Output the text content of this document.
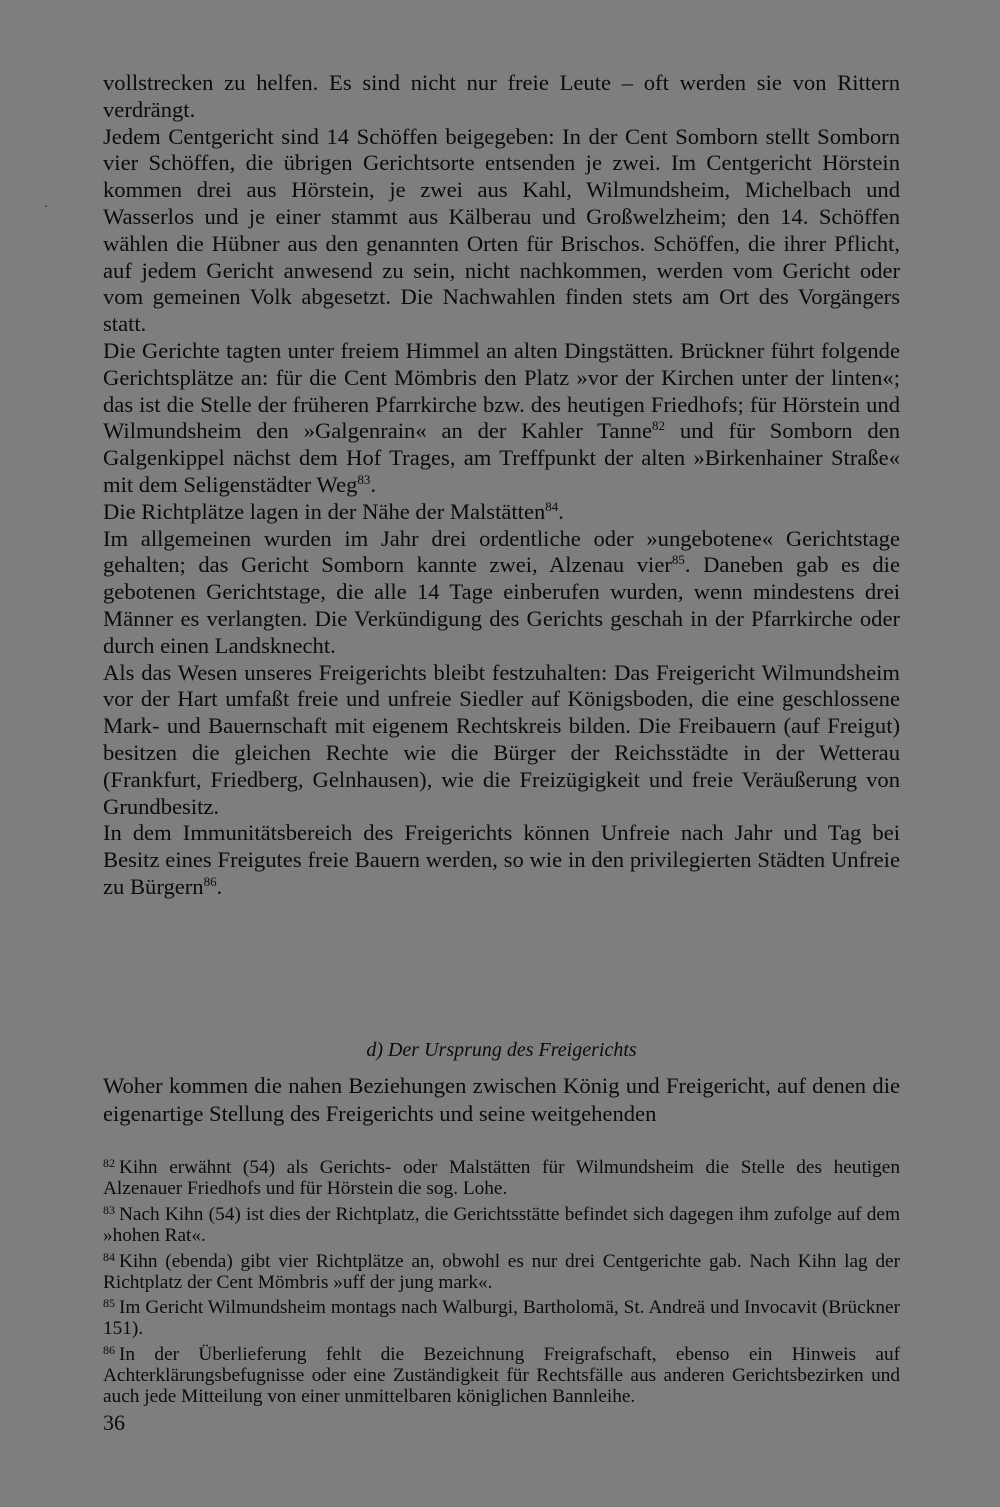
·

vollstrecken zu helfen. Es sind nicht nur freie Leute – oft werden sie von Rittern verdrängt.

Jedem Centgericht sind 14 Schöffen beigegeben: In der Cent Somborn stellt Somborn vier Schöffen, die übrigen Gerichtsorte entsenden je zwei. Im Centgericht Hörstein kommen drei aus Hörstein, je zwei aus Kahl, Wilmundsheim, Michelbach und Wasserlos und je einer stammt aus Kälberau und Großwelzheim; den 14. Schöffen wählen die Hübner aus den genannten Orten für Brischos. Schöffen, die ihrer Pflicht, auf jedem Gericht anwesend zu sein, nicht nachkommen, werden vom Gericht oder vom gemeinen Volk abgesetzt. Die Nachwahlen finden stets am Ort des Vorgängers statt.

Die Gerichte tagten unter freiem Himmel an alten Dingstätten. Brückner führt folgende Gerichtsplätze an: für die Cent Mömbris den Platz »vor der Kirchen unter der linten«; das ist die Stelle der früheren Pfarrkirche bzw. des heutigen Friedhofs; für Hörstein und Wilmundsheim den »Galgenrain« an der Kahler Tanne$^{82}$ und für Somborn den Galgenkippel nächst dem Hof Trages, am Treffpunkt der alten »Birkenhainer Straße« mit dem Seligenstädter Weg$^{83}$.

Die Richtplätze lagen in der Nähe der Malstätten$^{84}$.

Im allgemeinen wurden im Jahr drei ordentliche oder »ungebotene« Gerichtstage gehalten; das Gericht Somborn kannte zwei, Alzenau vier$^{85}$. Daneben gab es die gebotenen Gerichtstage, die alle 14 Tage einberufen wurden, wenn mindestens drei Männer es verlangten. Die Verkündigung des Gerichts geschah in der Pfarrkirche oder durch einen Landsknecht.

Als das Wesen unseres Freigerichts bleibt festzuhalten: Das Freigericht Wilmundsheim vor der Hart umfaßt freie und unfreie Siedler auf Königsboden, die eine geschlossene Mark- und Bauernschaft mit eigenem Rechtskreis bilden. Die Freibauern (auf Freigut) besitzen die gleichen Rechte wie die Bürger der Reichsstädte in der Wetterau (Frankfurt, Friedberg, Gelnhausen), wie die Freizügigkeit und freie Veräußerung von Grundbesitz.

In dem Immunitätsbereich des Freigerichts können Unfreie nach Jahr und Tag bei Besitz eines Freigutes freie Bauern werden, so wie in den privilegierten Städten Unfreie zu Bürgern$^{86}$.

d) Der Ursprung des Freigerichts

Woher kommen die nahen Beziehungen zwischen König und Freigericht, auf denen die eigenartige Stellung des Freigerichts und seine weitgehenden

$^{82}$ Kihn erwähnt (54) als Gerichts- oder Malstätten für Wilmundsheim die Stelle des heutigen Alzenauer Friedhofs und für Hörstein die sog. Lohe.

$^{83}$ Nach Kihn (54) ist dies der Richtplatz, die Gerichtsstätte befindet sich dagegen ihm zufolge auf dem »hohen Rat«.

$^{84}$ Kihn (ebenda) gibt vier Richtplätze an, obwohl es nur drei Centgerichte gab. Nach Kihn lag der Richtplatz der Cent Mömbris »uff der jung mark«.

$^{85}$ Im Gericht Wilmundsheim montags nach Walburgi, Bartholomä, St. Andreä und Invocavit (Brückner 151).

$^{86}$ In der Überlieferung fehlt die Bezeichnung Freigrafschaft, ebenso ein Hinweis auf Achterklärungsbefugnisse oder eine Zuständigkeit für Rechtsfälle aus anderen Gerichtsbezirken und auch jede Mitteilung von einer unmittelbaren königlichen Bannleihe.

36
